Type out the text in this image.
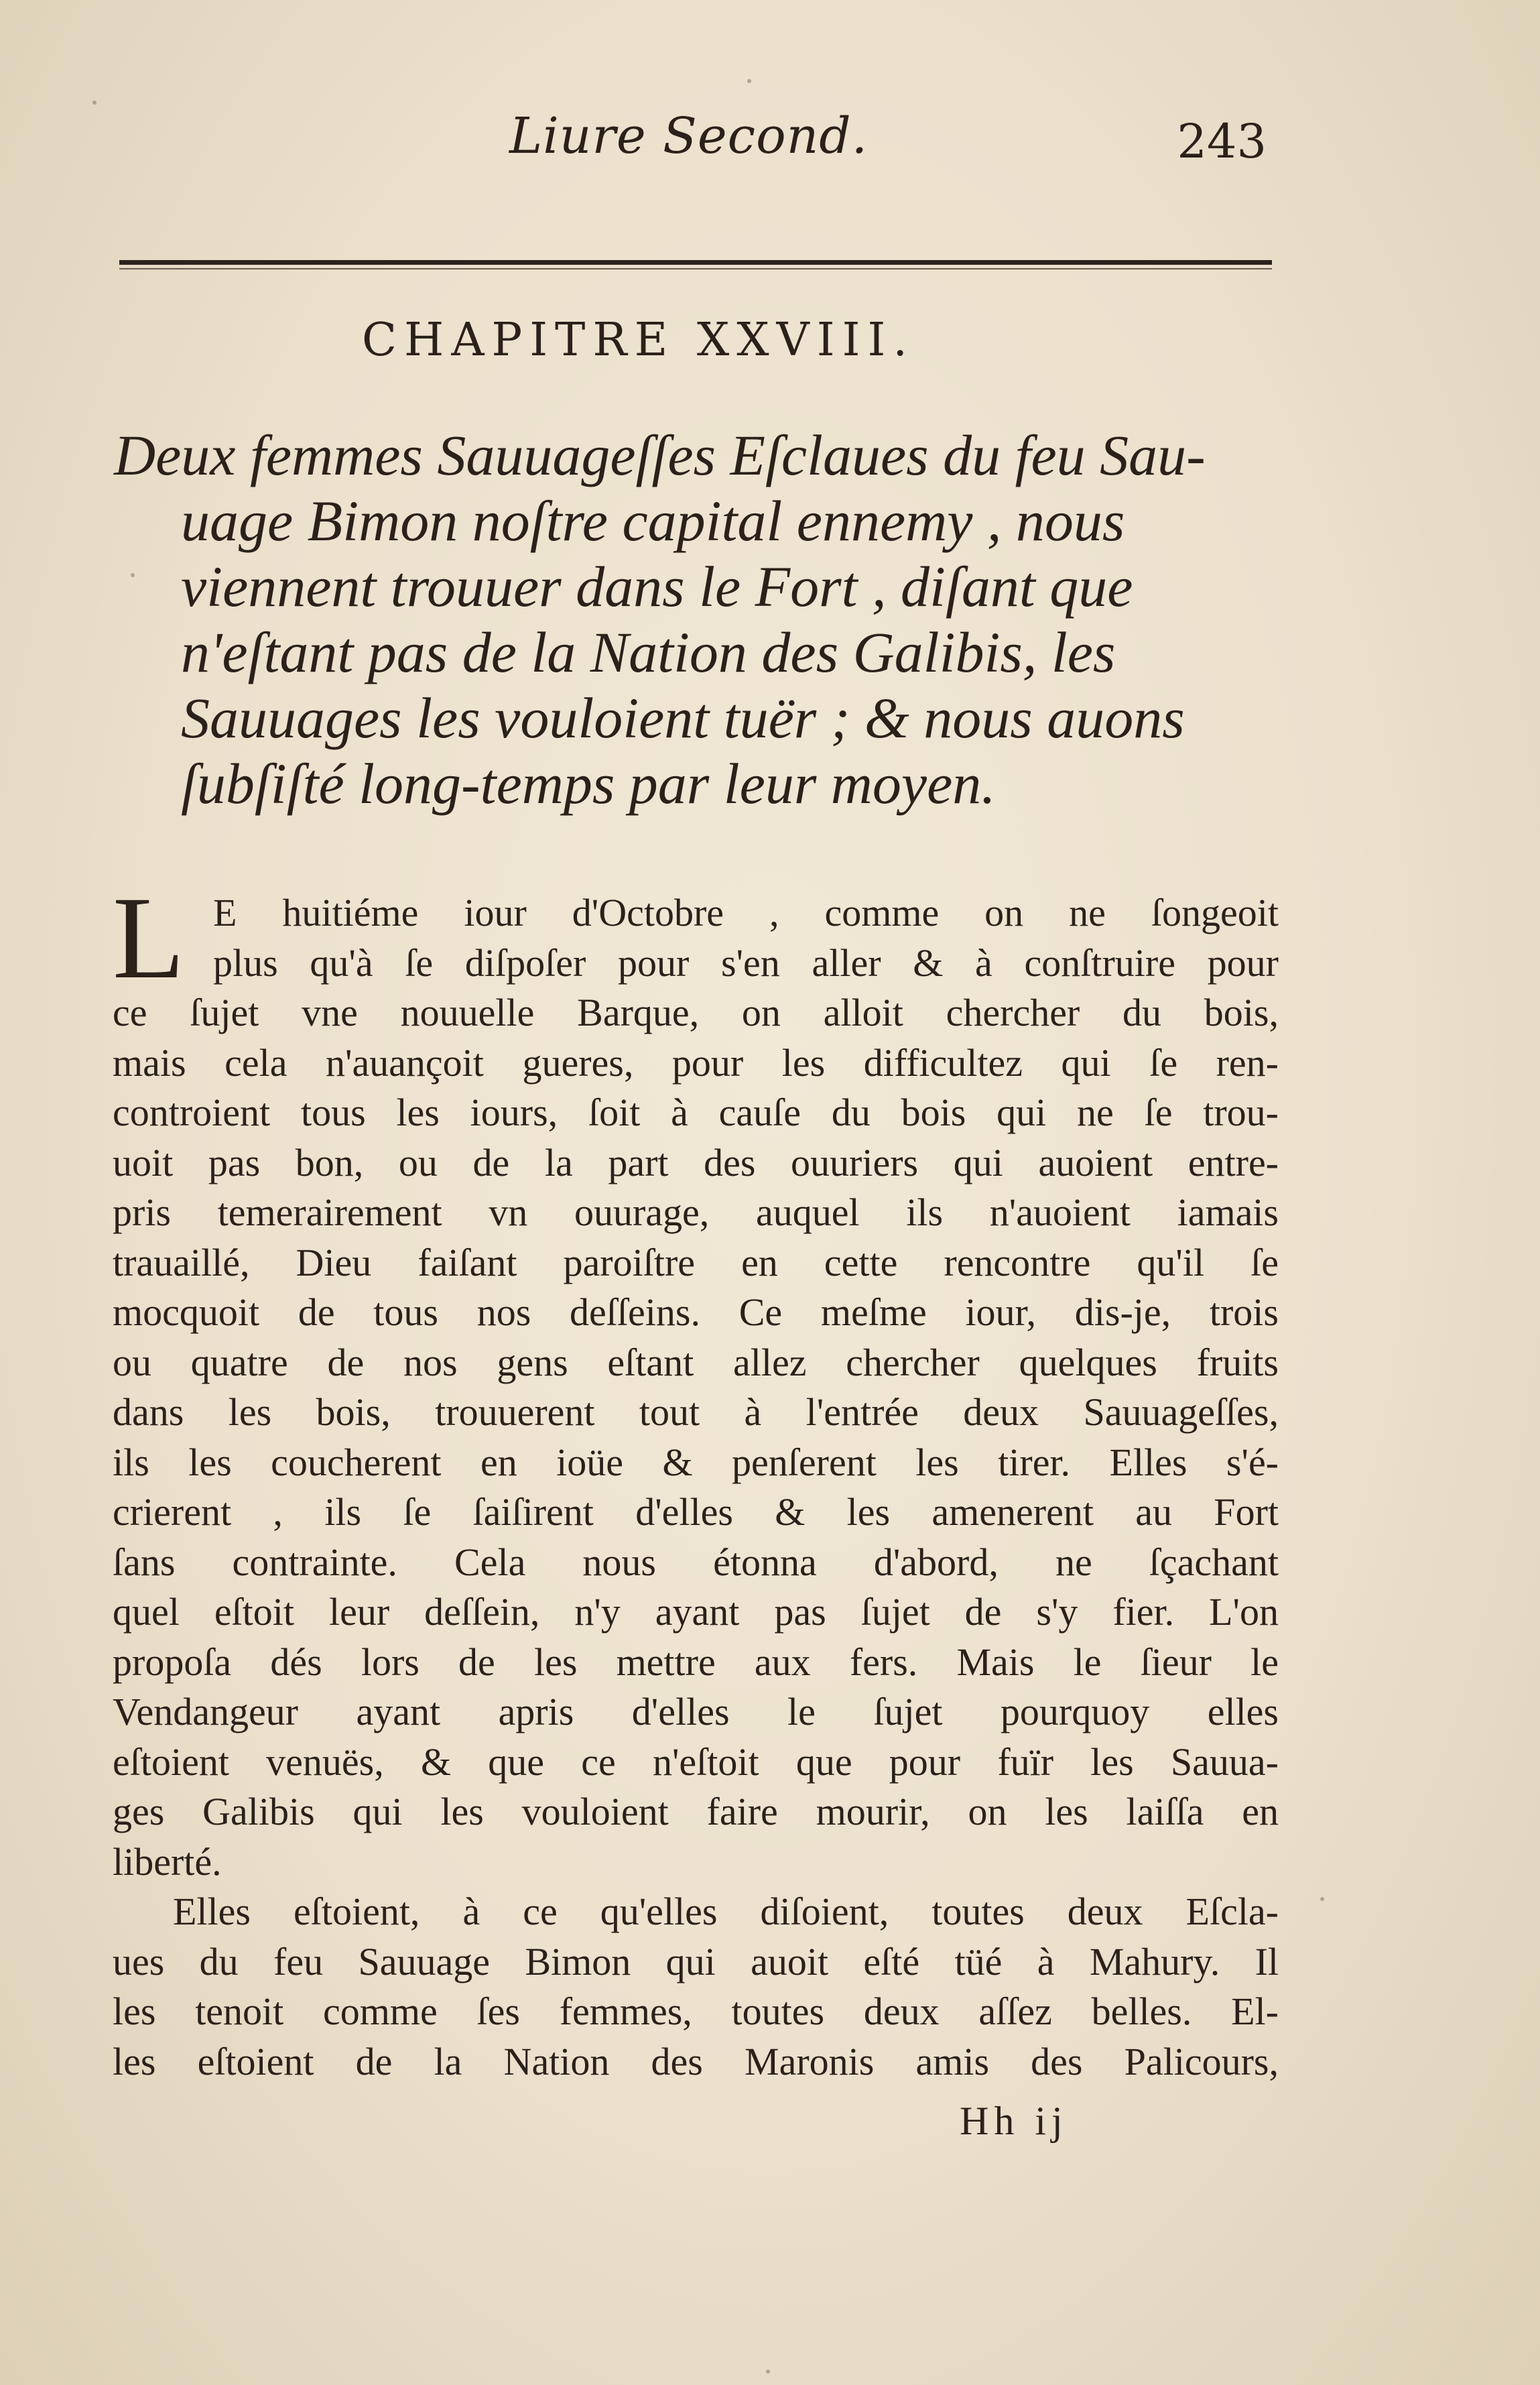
Liure Second.	243
CHAPITRE XXVIII.
Deux femmes Sauuageſſes Eſclaues du feu Sau-
uage Bimon noſtre capital ennemy , nous
viennent trouuer dans le Fort , diſant que
n'eſtant pas de la Nation des Galibis, les
Sauuages les vouloient tuër ; & nous auons
ſubſiſté long-temps par leur moyen.
L E huitiéme iour d'Octobre , comme on ne ſongeoit
plus qu'à ſe diſpoſer pour s'en aller & à conſtruire pour
ce ſujet vne nouuelle Barque, on alloit chercher du bois,
mais cela n'auançoit gueres, pour les difficultez qui ſe ren-
controient tous les iours, ſoit à cauſe du bois qui ne ſe trou-
uoit pas bon, ou de la part des ouuriers qui auoient entre-
pris temerairement vn ouurage, auquel ils n'auoient iamais
trauaillé, Dieu faiſant paroiſtre en cette rencontre qu'il ſe
mocquoit de tous nos deſſeins. Ce meſme iour, dis-je, trois
ou quatre de nos gens eſtant allez chercher quelques fruits
dans les bois, trouuerent tout à l'entrée deux Sauuageſſes,
ils les coucherent en ioüe & penſerent les tirer. Elles s'é-
crierent , ils ſe ſaiſirent d'elles & les amenerent au Fort
ſans contrainte. Cela nous étonna d'abord, ne ſçachant
quel eſtoit leur deſſein, n'y ayant pas ſujet de s'y fier. L'on
propoſa dés lors de les mettre aux fers. Mais le ſieur le
Vendangeur ayant apris d'elles le ſujet pourquoy elles
eſtoient venuës, & que ce n'eſtoit que pour fuïr les Sauua-
ges Galibis qui les vouloient faire mourir, on les laiſſa en
liberté.
Elles eſtoient, à ce qu'elles diſoient, toutes deux Eſcla-
ues du feu Sauuage Bimon qui auoit eſté tüé à Mahury. Il
les tenoit comme ſes femmes, toutes deux aſſez belles. El-
les eſtoient de la Nation des Maronis amis des Palicours,
Hh ij
